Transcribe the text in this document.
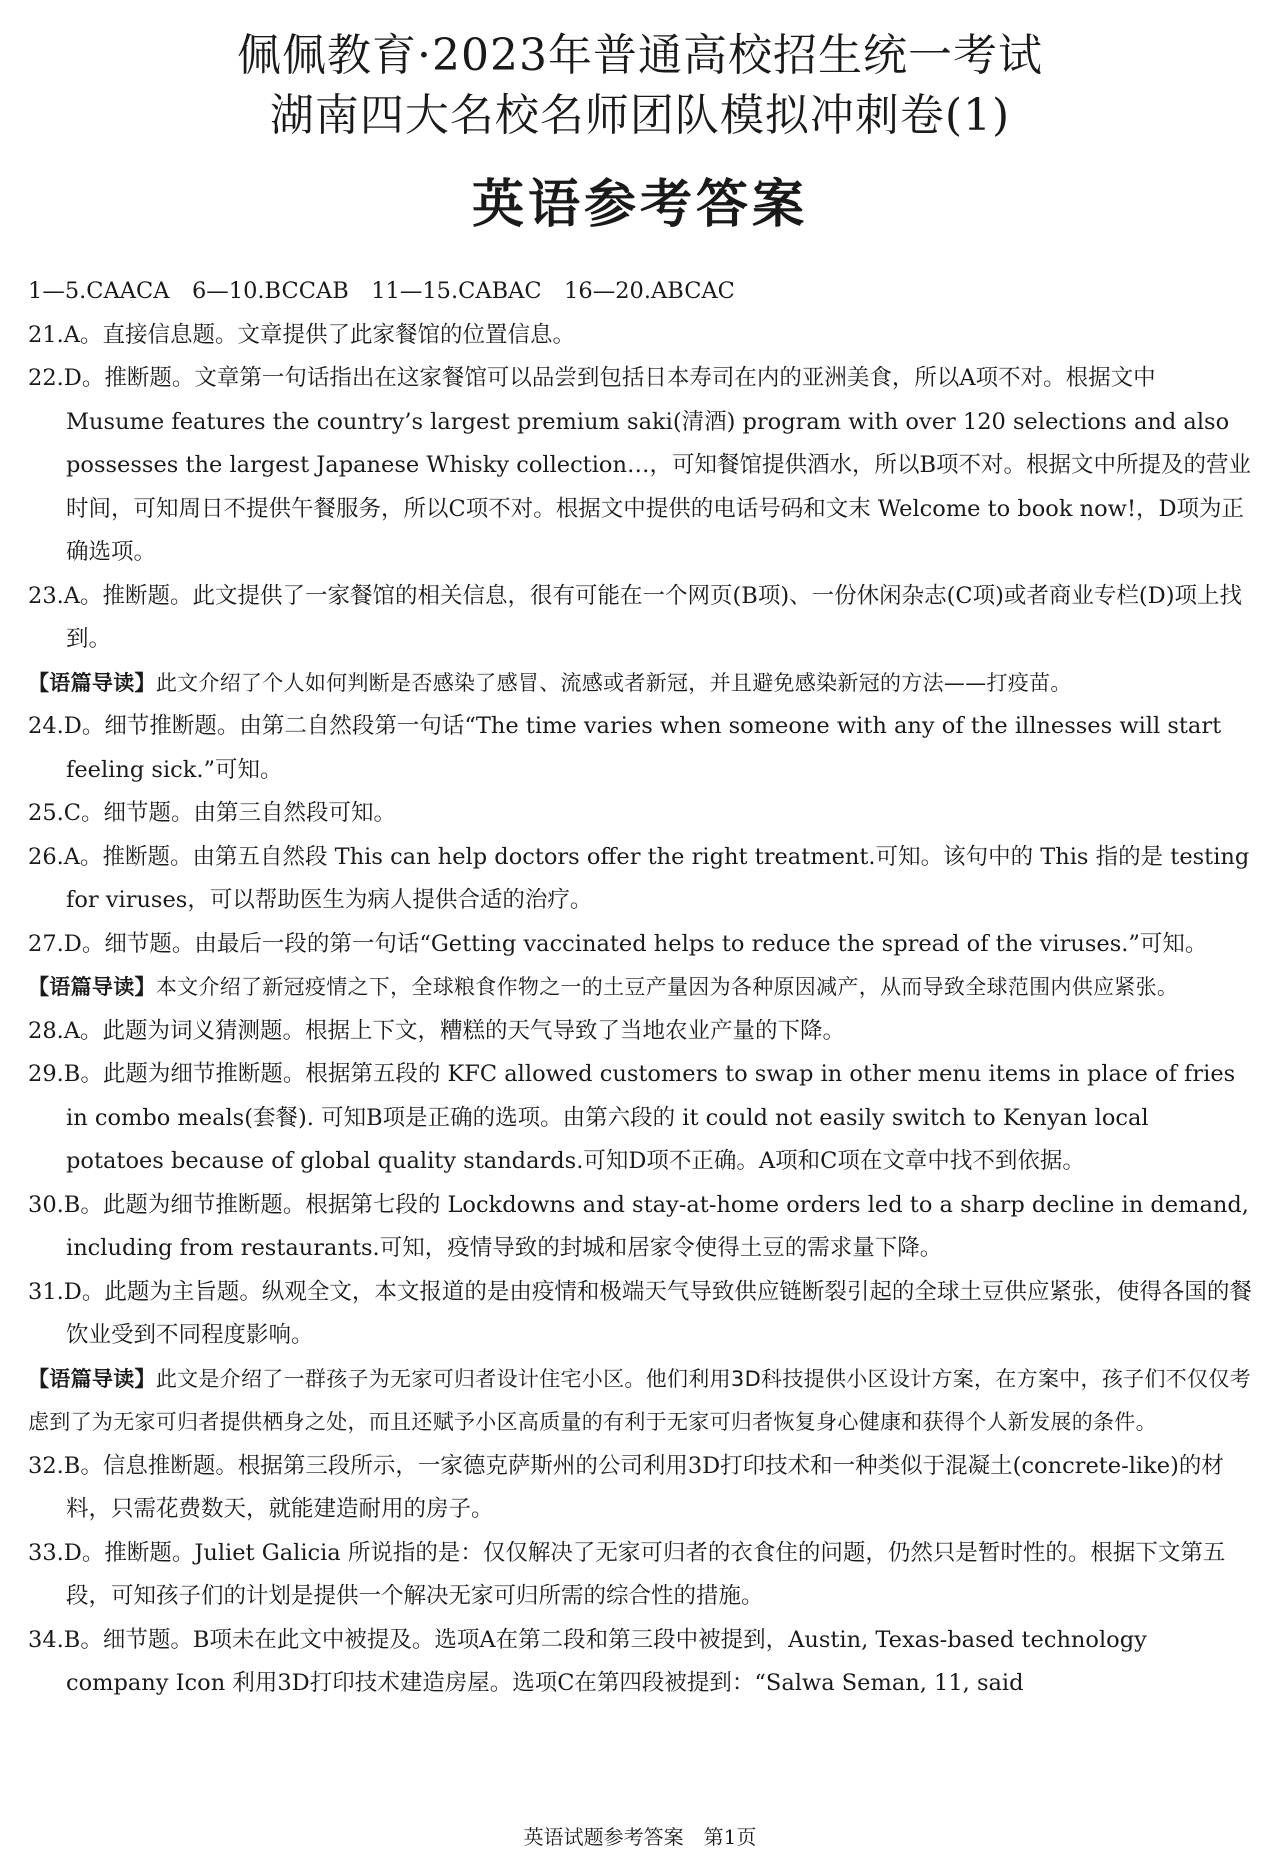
佩佩教育·2023年普通高校招生统一考试
湖南四大名校名师团队模拟冲刺卷(1)
英语参考答案

1—5.CAACA　6—10.BCCAB　11—15.CABAC　16—20.ABCAC

21.A。直接信息题。文章提供了此家餐馆的位置信息。

22.D。推断题。文章第一句话指出在这家餐馆可以品尝到包括日本寿司在内的亚洲美食，所以A项不对。根据文中 Musume features the country’s largest premium saki(清酒) program with over 120 selections and also possesses the largest Japanese Whisky collection…，可知餐馆提供酒水，所以B项不对。根据文中所提及的营业时间，可知周日不提供午餐服务，所以C项不对。根据文中提供的电话号码和文末 Welcome to book now!，D项为正确选项。

23.A。推断题。此文提供了一家餐馆的相关信息，很有可能在一个网页(B项)、一份休闲杂志(C项)或者商业专栏(D)项上找到。

【语篇导读】此文介绍了个人如何判断是否感染了感冒、流感或者新冠，并且避免感染新冠的方法——打疫苗。

24.D。细节推断题。由第二自然段第一句话“The time varies when someone with any of the illnesses will start feeling sick.”可知。

25.C。细节题。由第三自然段可知。

26.A。推断题。由第五自然段 This can help doctors offer the right treatment.可知。该句中的 This 指的是 testing for viruses，可以帮助医生为病人提供合适的治疗。

27.D。细节题。由最后一段的第一句话“Getting vaccinated helps to reduce the spread of the viruses.”可知。

【语篇导读】本文介绍了新冠疫情之下，全球粮食作物之一的土豆产量因为各种原因减产，从而导致全球范围内供应紧张。

28.A。此题为词义猜测题。根据上下文，糟糕的天气导致了当地农业产量的下降。

29.B。此题为细节推断题。根据第五段的 KFC allowed customers to swap in other menu items in place of fries in combo meals(套餐). 可知B项是正确的选项。由第六段的 it could not easily switch to Kenyan local potatoes because of global quality standards.可知D项不正确。A项和C项在文章中找不到依据。

30.B。此题为细节推断题。根据第七段的 Lockdowns and stay-at-home orders led to a sharp decline in demand, including from restaurants.可知，疫情导致的封城和居家令使得土豆的需求量下降。

31.D。此题为主旨题。纵观全文，本文报道的是由疫情和极端天气导致供应链断裂引起的全球土豆供应紧张，使得各国的餐饮业受到不同程度影响。

【语篇导读】此文是介绍了一群孩子为无家可归者设计住宅小区。他们利用3D科技提供小区设计方案，在方案中，孩子们不仅仅考虑到了为无家可归者提供栖身之处，而且还赋予小区高质量的有利于无家可归者恢复身心健康和获得个人新发展的条件。

32.B。信息推断题。根据第三段所示，一家德克萨斯州的公司利用3D打印技术和一种类似于混凝土(concrete-like)的材料，只需花费数天，就能建造耐用的房子。

33.D。推断题。Juliet Galicia 所说指的是：仅仅解决了无家可归者的衣食住的问题，仍然只是暂时性的。根据下文第五段，可知孩子们的计划是提供一个解决无家可归所需的综合性的措施。

34.B。细节题。B项未在此文中被提及。选项A在第二段和第三段中被提到，Austin, Texas-based technology company Icon 利用3D打印技术建造房屋。选项C在第四段被提到：“Salwa Seman, 11, said

英语试题参考答案　第1页
